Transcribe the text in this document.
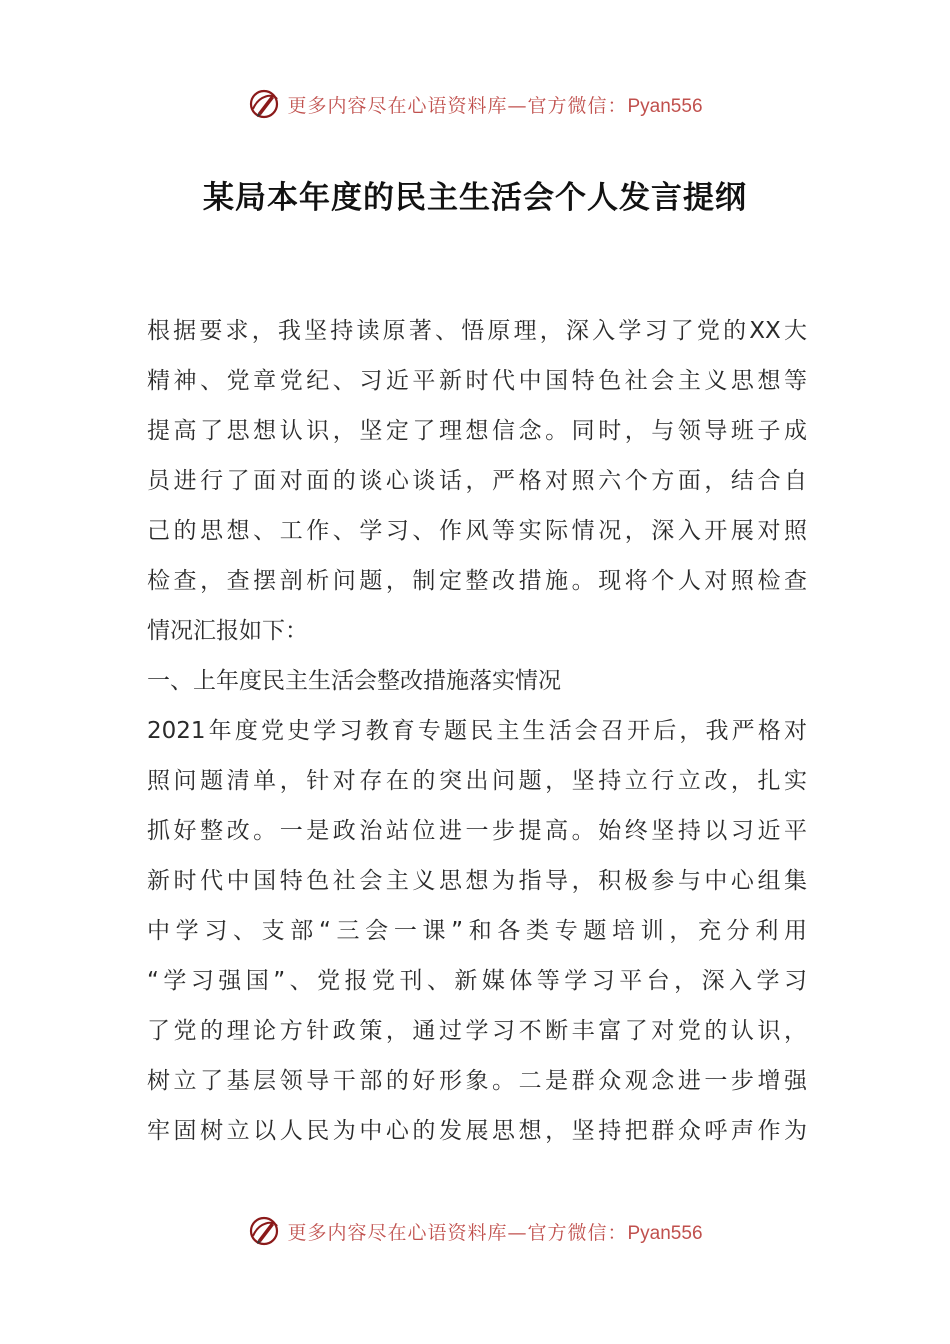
更多内容尽在心语资料库—官方微信：Pyan556
某局本年度的民主生活会个人发言提纲
根据要求，我坚持读原著、悟原理，深入学习了党的XX大
精神、党章党纪、习近平新时代中国特色社会主义思想等
提高了思想认识，坚定了理想信念。同时，与领导班子成
员进行了面对面的谈心谈话，严格对照六个方面，结合自
己的思想、工作、学习、作风等实际情况，深入开展对照
检查，查摆剖析问题，制定整改措施。现将个人对照检查
情况汇报如下：
一、上年度民主生活会整改措施落实情况
2021年度党史学习教育专题民主生活会召开后，我严格对
照问题清单，针对存在的突出问题，坚持立行立改，扎实
抓好整改。一是政治站位进一步提高。始终坚持以习近平
新时代中国特色社会主义思想为指导，积极参与中心组集
中学习、支部“三会一课”和各类专题培训，充分利用
“学习强国”、党报党刊、新媒体等学习平台，深入学习
了党的理论方针政策，通过学习不断丰富了对党的认识，
树立了基层领导干部的好形象。二是群众观念进一步增强
牢固树立以人民为中心的发展思想，坚持把群众呼声作为
更多内容尽在心语资料库—官方微信：Pyan556
